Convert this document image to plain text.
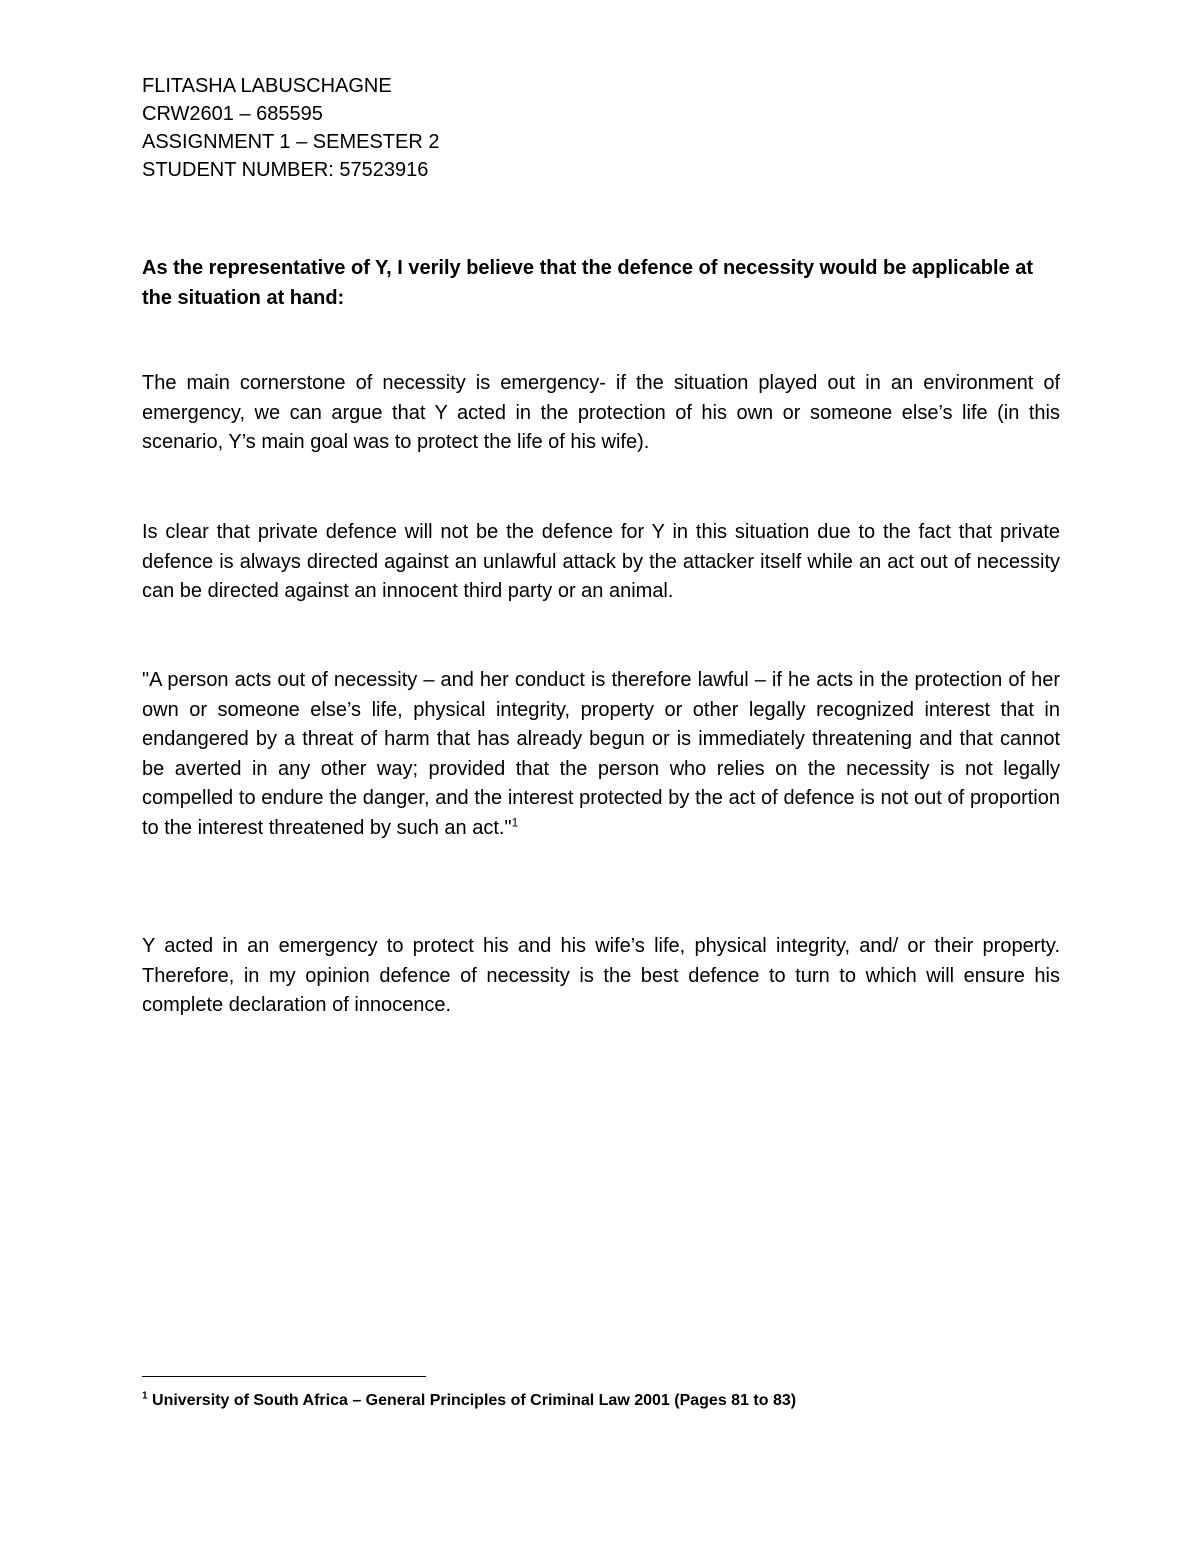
FLITASHA LABUSCHAGNE
CRW2601 – 685595
ASSIGNMENT 1 – SEMESTER 2
STUDENT NUMBER: 57523916
As the representative of Y, I verily believe that the defence of necessity would be applicable at the situation at hand:
The main cornerstone of necessity is emergency- if the situation played out in an environment of emergency, we can argue that Y acted in the protection of his own or someone else’s life (in this scenario, Y’s main goal was to protect the life of his wife).
Is clear that private defence will not be the defence for Y in this situation due to the fact that private defence is always directed against an unlawful attack by the attacker itself while an act out of necessity can be directed against an innocent third party or an animal.
"A person acts out of necessity – and her conduct is therefore lawful – if he acts in the protection of her own or someone else’s life, physical integrity, property or other legally recognized interest that in endangered by a threat of harm that has already begun or is immediately threatening and that cannot be averted in any other way; provided that the person who relies on the necessity is not legally compelled to endure the danger, and the interest protected by the act of defence is not out of proportion to the interest threatened by such an act."$^1$
Y acted in an emergency to protect his and his wife’s life, physical integrity, and/ or their property. Therefore, in my opinion defence of necessity is the best defence to turn to which will ensure his complete declaration of innocence.
$^1$ University of South Africa – General Principles of Criminal Law 2001 (Pages 81 to 83)
